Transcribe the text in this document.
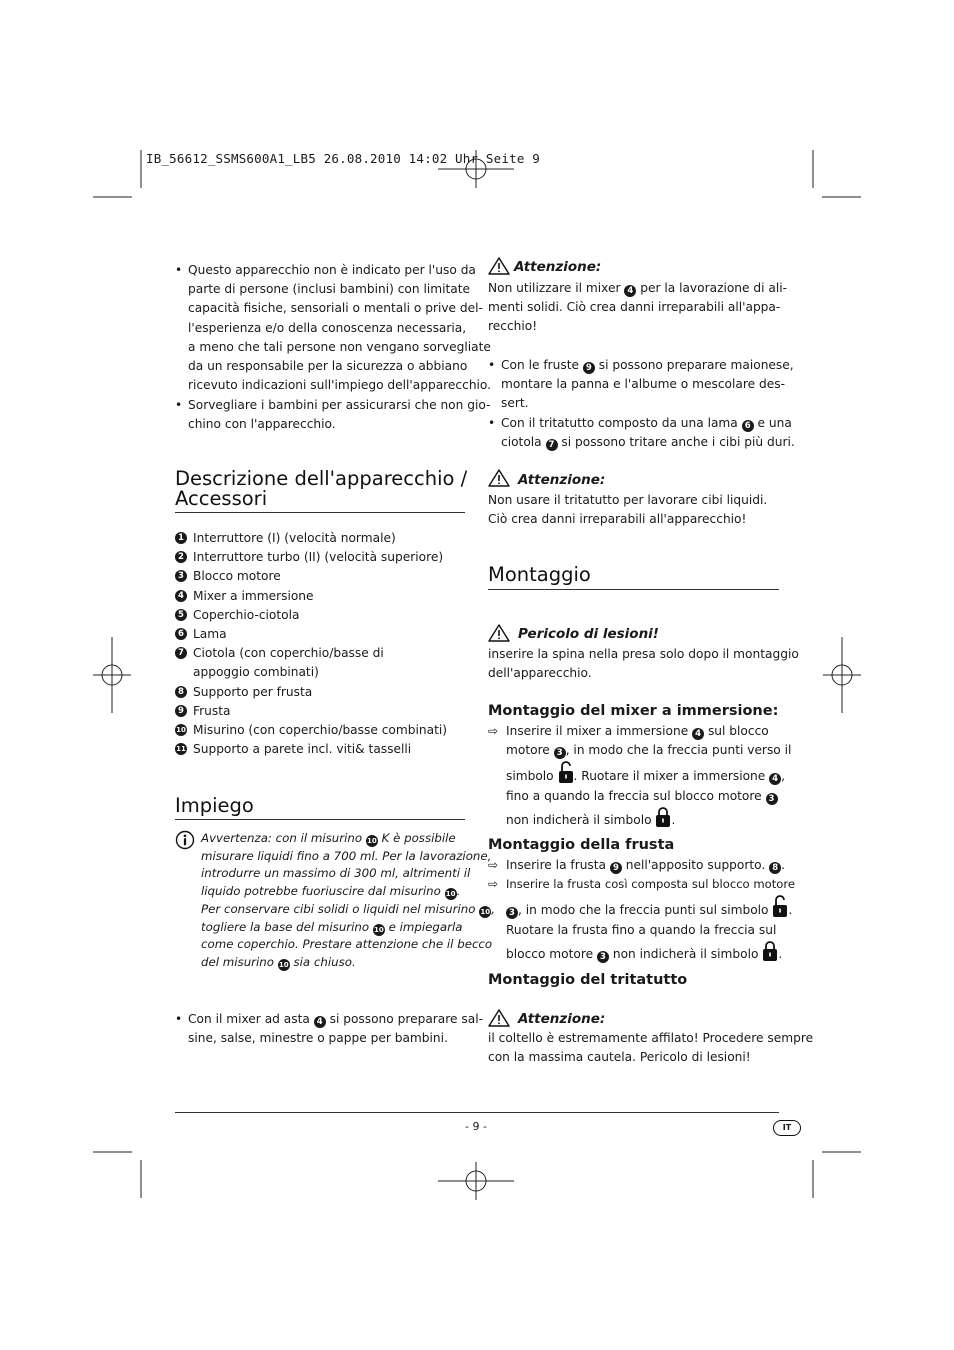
IB_56612_SSMS600A1_LB5 26.08.2010 14:02 Uhr Seite 9
• Questo apparecchio non è indicato per l'uso da
parte di persone (inclusi bambini) con limitate
capacità fisiche, sensoriali o mentali o prive del-
l'esperienza e/o della conoscenza necessaria,
a meno che tali persone non vengano sorvegliate
da un responsabile per la sicurezza o abbiano
ricevuto indicazioni sull'impiego dell'apparecchio.
• Sorvegliare i bambini per assicurarsi che non gio-
chino con l'apparecchio.
Descrizione dell'apparecchio /
Accessori
1 Interruttore (I) (velocità normale)
2 Interruttore turbo (II) (velocità superiore)
3 Blocco motore
4 Mixer a immersione
5 Coperchio-ciotola
6 Lama
7 Ciotola (con coperchio/basse di
appoggio combinati)
8 Supporto per frusta
9 Frusta
10 Misurino (con coperchio/basse combinati)
11 Supporto a parete incl. viti& tasselli
Impiego
Avvertenza: con il misurino 10 K è possibile
misurare liquidi fino a 700 ml. Per la lavorazione,
introdurre un massimo di 300 ml, altrimenti il
liquido potrebbe fuoriuscire dal misurino 10.
Per conservare cibi solidi o liquidi nel misurino 10,
togliere la base del misurino 10 e impiegarla
come coperchio. Prestare attenzione che il becco
del misurino 10 sia chiuso.
• Con il mixer ad asta 4 si possono preparare sal-
sine, salse, minestre o pappe per bambini.
Attenzione:
Non utilizzare il mixer 4 per la lavorazione di ali-
menti solidi. Ciò crea danni irreparabili all'appa-
recchio!
• Con le fruste 9 si possono preparare maionese,
montare la panna e l'albume o mescolare des-
sert.
• Con il tritatutto composto da una lama 6 e una
ciotola 7 si possono tritare anche i cibi più duri.
Attenzione:
Non usare il tritatutto per lavorare cibi liquidi.
Ciò crea danni irreparabili all'apparecchio!
Montaggio
Pericolo di lesioni!
inserire la spina nella presa solo dopo il montaggio
dell'apparecchio.
Montaggio del mixer a immersione:
⇨ Inserire il mixer a immersione 4 sul blocco
motore 3 , in modo che la freccia punti verso il
simbolo . Ruotare il mixer a immersione 4 ,
fino a quando la freccia sul blocco motore 3
non indicherà il simbolo .
Montaggio della frusta
⇨
⇨
Inserire la frusta 9 nell'apposito supporto. 8 .
Inserire la frusta così composta sul blocco motore
3 , in modo che la freccia punti sul simbolo .
Ruotare la frusta fino a quando la freccia sul
blocco motore 3 non indicherà il simbolo .
Montaggio del tritatutto
Attenzione:
il coltello è estremamente affilato! Procedere sempre
con la massima cautela. Pericolo di lesioni!
- 9 -	IT
